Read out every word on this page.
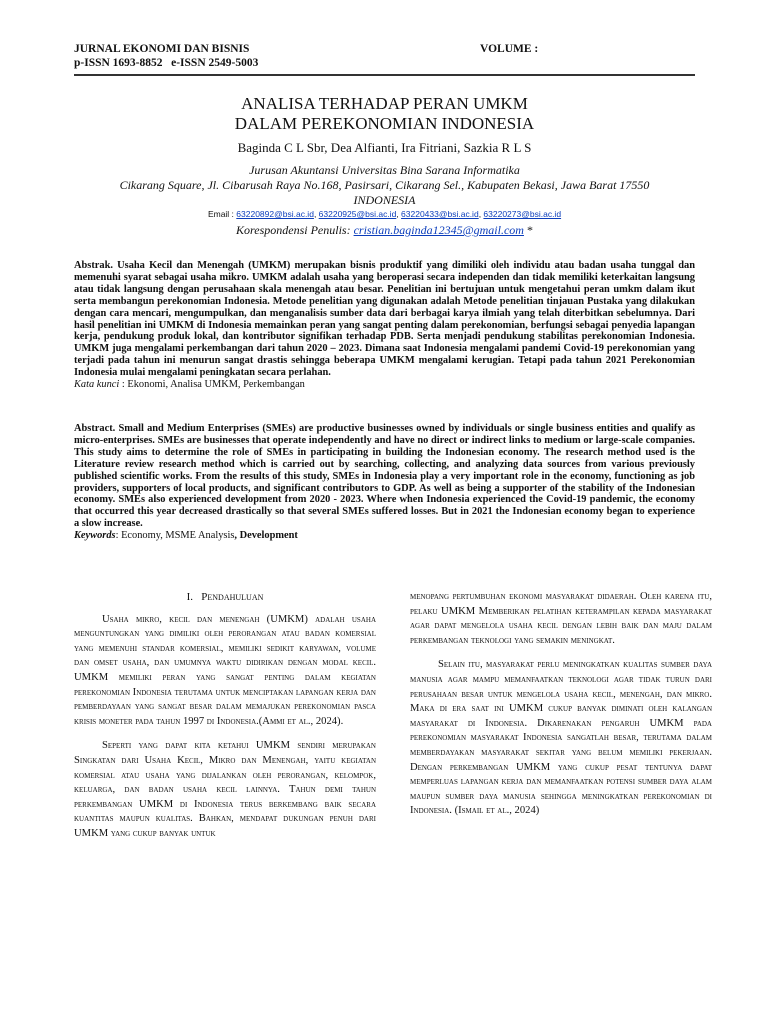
JURNAL EKONOMI DAN BISNIS	VOLUME :
p-ISSN 1693-8852   e-ISSN 2549-5003
ANALISA TERHADAP PERAN UMKM
DALAM PEREKONOMIAN INDONESIA
Baginda C L Sbr, Dea Alfianti, Ira Fitriani, Sazkia R L S
Jurusan Akuntansi Universitas Bina Sarana Informatika
Cikarang Square, Jl. Cibarusah Raya No.168, Pasirsari, Cikarang Sel., Kabupaten Bekasi, Jawa Barat 17550
INDONESIA
Email : 63220892@bsi.ac.id, 63220925@bsi.ac.id, 63220433@bsi.ac.id, 63220273@bsi.ac.id
Korespondensi Penulis: cristian.baginda12345@gmail.com *

Abstrak. Usaha Kecil dan Menengah (UMKM) merupakan bisnis produktif yang dimiliki oleh individu atau badan usaha tunggal dan memenuhi syarat sebagai usaha mikro. UMKM adalah usaha yang beroperasi secara independen dan tidak memiliki keterkaitan langsung atau tidak langsung dengan perusahaan skala menengah atau besar. Penelitian ini bertujuan untuk mengetahui peran umkm dalam ikut serta membangun perekonomian Indonesia. Metode penelitian yang digunakan adalah Metode penelitian tinjauan Pustaka yang dilakukan dengan cara mencari, mengumpulkan, dan menganalisis sumber data dari berbagai karya ilmiah yang telah diterbitkan sebelumnya. Dari hasil penelitian ini UMKM di Indonesia memainkan peran yang sangat penting dalam perekonomian, berfungsi sebagai penyedia lapangan kerja, pendukung produk lokal, dan kontributor signifikan terhadap PDB. Serta menjadi pendukung stabilitas perekonomian Indonesia. UMKM juga mengalami perkembangan dari tahun 2020 – 2023. Dimana saat Indonesia mengalami pandemi Covid-19 perekonomian yang terjadi pada tahun ini menurun sangat drastis sehingga beberapa UMKM mengalami kerugian. Tetapi pada tahun 2021 Perekonomian Indonesia mulai mengalami peningkatan secara perlahan.

Kata kunci : Ekonomi, Analisa UMKM, Perkembangan

Abstract. Small and Medium Enterprises (SMEs) are productive businesses owned by individuals or single business entities and qualify as micro-enterprises. SMEs are businesses that operate independently and have no direct or indirect links to medium or large-scale companies. This study aims to determine the role of SMEs in participating in building the Indonesian economy. The research method used is the Literature review research method which is carried out by searching, collecting, and analyzing data sources from various previously published scientific works. From the results of this study, SMEs in Indonesia play a very important role in the economy, functioning as job providers, supporters of local products, and significant contributors to GDP. As well as being a supporter of the stability of the Indonesian economy. SMEs also experienced development from 2020 - 2023. Where when Indonesia experienced the Covid-19 pandemic, the economy that occurred this year decreased drastically so that several SMEs suffered losses. But in 2021 the Indonesian economy began to experience a slow increase.

Keywords: Economy, MSME Analysis, Development
I. Pendahuluan

Usaha mikro, kecil dan menengah (UMKM) adalah usaha menguntungkan yang dimiliki oleh perorangan atau badan komersial yang memenuhi standar komersial, memiliki sedikit karyawan, volume dan omset usaha, dan umumnya waktu didirikan dengan modal kecil. UMKM memiliki peran yang sangat penting dalam kegiatan perekonomian Indonesia terutama untuk menciptakan lapangan kerja dan pemberdayaan yang sangat besar dalam memajukan perekonomian pasca krisis moneter pada tahun 1997 di Indonesia.(Ammi et al., 2024).

Seperti yang dapat kita ketahui UMKM sendiri merupakan Singkatan dari Usaha Kecil, Mikro dan Menengah, yaitu kegiatan komersial atau usaha yang dijalankan oleh perorangan, kelompok, keluarga, dan badan usaha kecil lainnya. Tahun demi tahun perkembangan UMKM di Indonesia terus berkembang baik secara kuantitas maupun kualitas. Bahkan, mendapat dukungan penuh dari UMKM yang cukup banyak untuk

menopang pertumbuhan ekonomi masyarakat didaerah. Oleh karena itu, pelaku UMKM Memberikan pelatihan keterampilan kepada masyarakat agar dapat mengelola usaha kecil dengan lebih baik dan maju dalam perkembangan teknologi yang semakin meningkat.

Selain itu, masyarakat perlu meningkatkan kualitas sumber daya manusia agar mampu memanfaatkan teknologi agar tidak turun dari perusahaan besar untuk mengelola usaha kecil, menengah, dan mikro. Maka di era saat ini UMKM cukup banyak diminati oleh kalangan masyarakat di Indonesia. Dikarenakan pengaruh UMKM pada perekonomian masyarakat Indonesia sangatlah besar, terutama dalam memberdayakan masyarakat sekitar yang belum memiliki pekerjaan. Dengan perkembangan UMKM yang cukup pesat tentunya dapat memperluas lapangan kerja dan memanfaatkan potensi sumber daya alam maupun sumber daya manusia sehingga meningkatkan perekonomian di Indonesia. (Ismail et al., 2024)
